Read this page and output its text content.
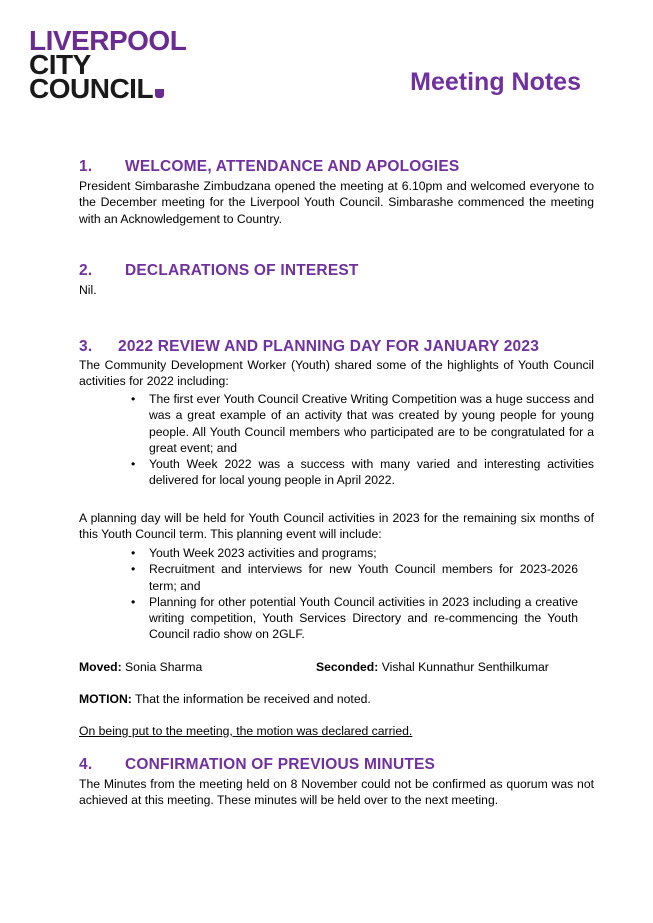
LIVERPOOL
CITY
COUNCIL	Meeting Notes
1. WELCOME, ATTENDANCE AND APOLOGIES
President Simbarashe Zimbudzana opened the meeting at 6.10pm and welcomed everyone to the December meeting for the Liverpool Youth Council. Simbarashe commenced the meeting with an Acknowledgement to Country.
2. DECLARATIONS OF INTEREST
Nil.
3. 2022 REVIEW AND PLANNING DAY FOR JANUARY 2023
The Community Development Worker (Youth) shared some of the highlights of Youth Council activities for 2022 including:
• The first ever Youth Council Creative Writing Competition was a huge success and was a great example of an activity that was created by young people for young people. All Youth Council members who participated are to be congratulated for a great event; and
• Youth Week 2022 was a success with many varied and interesting activities delivered for local young people in April 2022.
A planning day will be held for Youth Council activities in 2023 for the remaining six months of this Youth Council term. This planning event will include:
• Youth Week 2023 activities and programs;
• Recruitment and interviews for new Youth Council members for 2023-2026 term; and
• Planning for other potential Youth Council activities in 2023 including a creative writing competition, Youth Services Directory and re-commencing the Youth Council radio show on 2GLF.
Moved: Sonia Sharma	Seconded: Vishal Kunnathur Senthilkumar
MOTION: That the information be received and noted.
On being put to the meeting, the motion was declared carried.
4. CONFIRMATION OF PREVIOUS MINUTES
The Minutes from the meeting held on 8 November could not be confirmed as quorum was not achieved at this meeting. These minutes will be held over to the next meeting.
